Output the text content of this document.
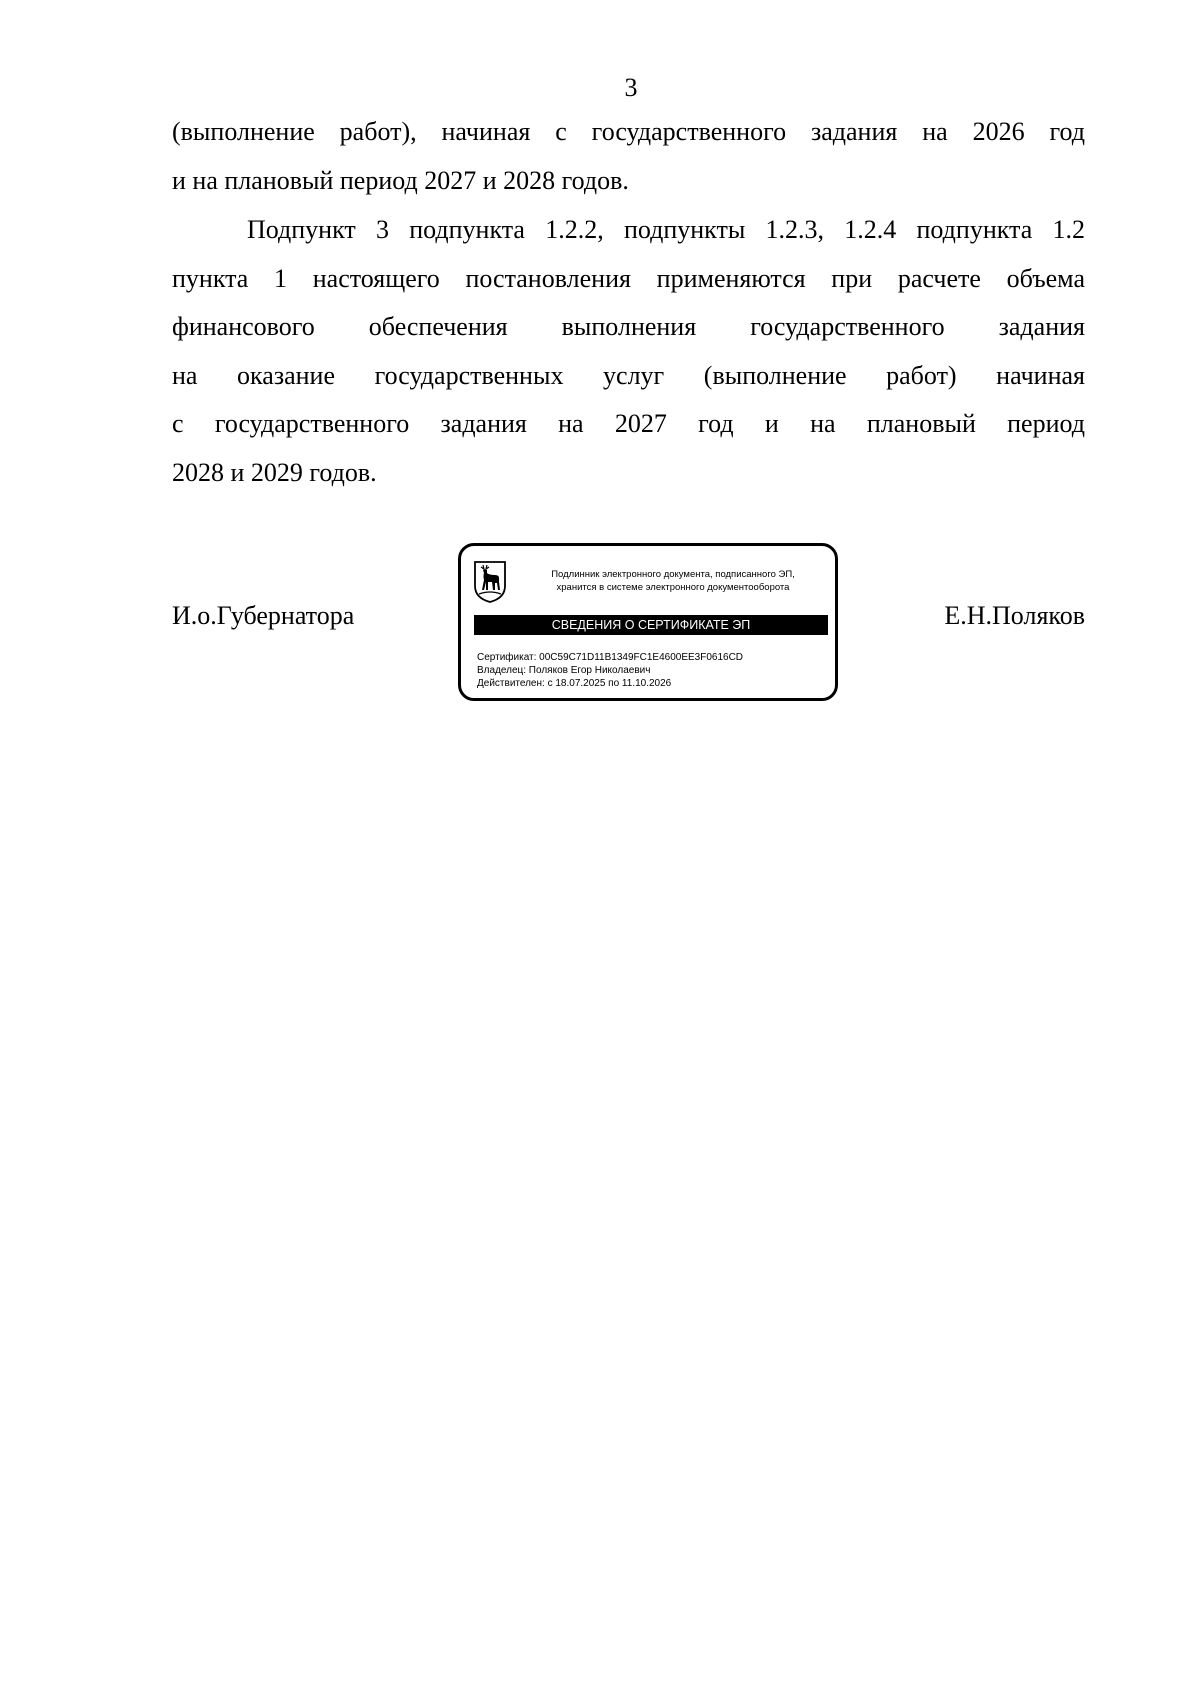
3

(выполнение работ), начиная с государственного задания на 2026 год
и на плановый период 2027 и 2028 годов.

Подпункт 3 подпункта 1.2.2, подпункты 1.2.3, 1.2.4 подпункта 1.2
пункта 1 настоящего постановления применяются при расчете объема
финансового обеспечения выполнения государственного задания
на оказание государственных услуг (выполнение работ) начиная
с государственного задания на 2027 год и на плановый период
2028 и 2029 годов.

И.о.Губернатора	Е.Н.Поляков
Подлинник электронного документа, подписанного ЭП,
хранится в системе электронного документооборота
СВЕДЕНИЯ О СЕРТИФИКАТЕ ЭП
Сертификат: 00C59C71D11B1349FC1E4600EE3F0616CD
Владелец: Поляков Егор Николаевич
Действителен: с 18.07.2025 по 11.10.2026
